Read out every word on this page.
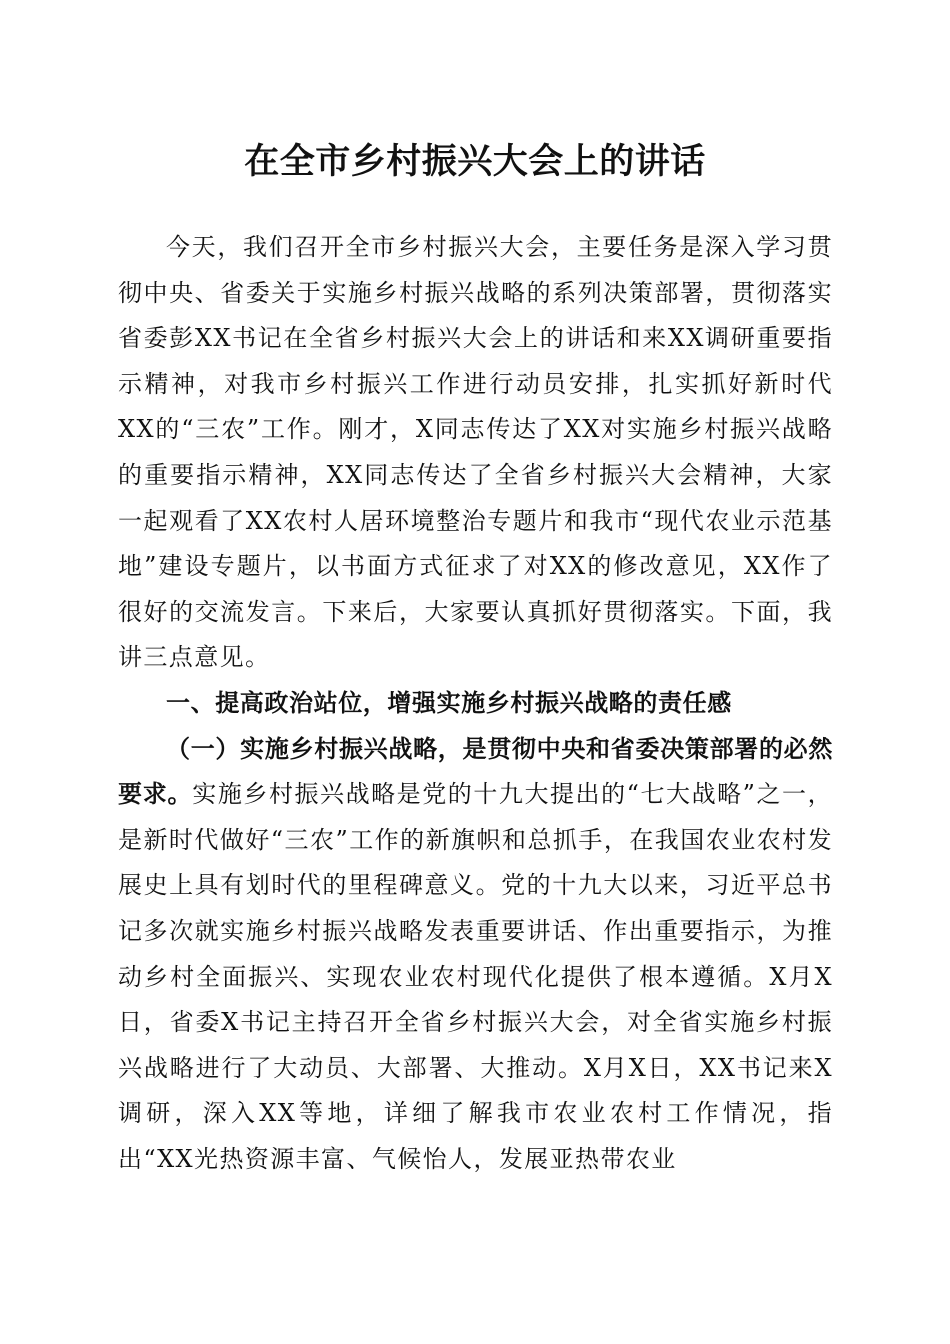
在全市乡村振兴大会上的讲话

今天，我们召开全市乡村振兴大会，主要任务是深入学习贯彻中央、省委关于实施乡村振兴战略的系列决策部署，贯彻落实省委彭XX书记在全省乡村振兴大会上的讲话和来XX调研重要指示精神，对我市乡村振兴工作进行动员安排，扎实抓好新时代XX的“三农”工作。刚才，X同志传达了XX对实施乡村振兴战略的重要指示精神，XX同志传达了全省乡村振兴大会精神，大家一起观看了XX农村人居环境整治专题片和我市“现代农业示范基地”建设专题片，以书面方式征求了对XX的修改意见，XX作了很好的交流发言。下来后，大家要认真抓好贯彻落实。下面，我讲三点意见。

一、提高政治站位，增强实施乡村振兴战略的责任感

（一）实施乡村振兴战略，是贯彻中央和省委决策部署的必然要求。实施乡村振兴战略是党的十九大提出的“七大战略”之一，是新时代做好“三农”工作的新旗帜和总抓手，在我国农业农村发展史上具有划时代的里程碑意义。党的十九大以来，习近平总书记多次就实施乡村振兴战略发表重要讲话、作出重要指示，为推动乡村全面振兴、实现农业农村现代化提供了根本遵循。X月X日，省委X书记主持召开全省乡村振兴大会，对全省实施乡村振兴战略进行了大动员、大部署、大推动。X月X日，XX书记来X调研，深入XX等地，详细了解我市农业农村工作情况，指出“XX光热资源丰富、气候怡人，发展亚热带农业
